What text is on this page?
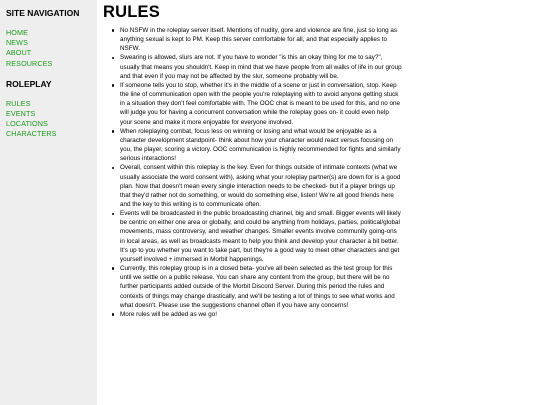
SITE NAVIGATION
HOME
NEWS
ABOUT
RESOURCES
ROLEPLAY
RULES
EVENTS
LOCATIONS
CHARACTERS
RULES
No NSFW in the roleplay server itself. Mentions of nudity, gore and violence are fine, just so long as anything sexual is kept to PM. Keep this server comfortable for all, and that especially applies to NSFW.
Swearing is allowed, slurs are not. If you have to wonder "is this an okay thing for me to say?", usually that means you shouldn't. Keep in mind that we have people from all walks of life in our group and that even if you may not be affected by the slur, someone probably will be.
If someone tells you to stop, whether it's in the middle of a scene or just in conversation, stop. Keep the line of communication open with the people you're roleplaying with to avoid anyone getting stuck in a situation they don't feel comfortable with. The OOC chat is meant to be used for this, and no one will judge you for having a concurrent conversation while the roleplay goes on- it could even help your scene and make it more enjoyable for everyone involved.
When roleplaying combat, focus less on winning or losing and what would be enjoyable as a character development standpoint- think about how your character would react versus focusing on you, the player, scoring a victory. OOC communication is highly recommended for fights and similarly serious interactions!
Overall, consent within this roleplay is the key. Even for things outside of intimate contexts (what we usually associate the word consent with), asking what your roleplay partner(s) are down for is a good plan. Now that doesn't mean every single interaction needs to be checked- but if a player brings up that they'd rather not do something, or would do something else, listen! We're all good friends here and the key to this writing is to communicate often.
Events will be broadcasted in the public broadcasting channel, big and small. Bigger events will likely be centric on either one area or globally, and could be anything from holidays, parties, political/global movements, mass controversy, and weather changes. Smaller events involve community going-ons in local areas, as well as broadcasts meant to help you think and develop your character a bit better. It's up to you whether you want to take part, but they're a good way to meet other characters and get yourself involved + immersed in Morbit happenings.
Currently, this roleplay group is in a closed beta- you've all been selected as the test group for this until we settle on a public release. You can share any content from the group, but there will be no further participants added outside of the Morbit Discord Server. During this period the rules and contexts of things may change drastically, and we'll be testing a lot of things to see what works and what doesn't. Please use the suggestions channel often if you have any concerns!
More rules will be added as we go!
